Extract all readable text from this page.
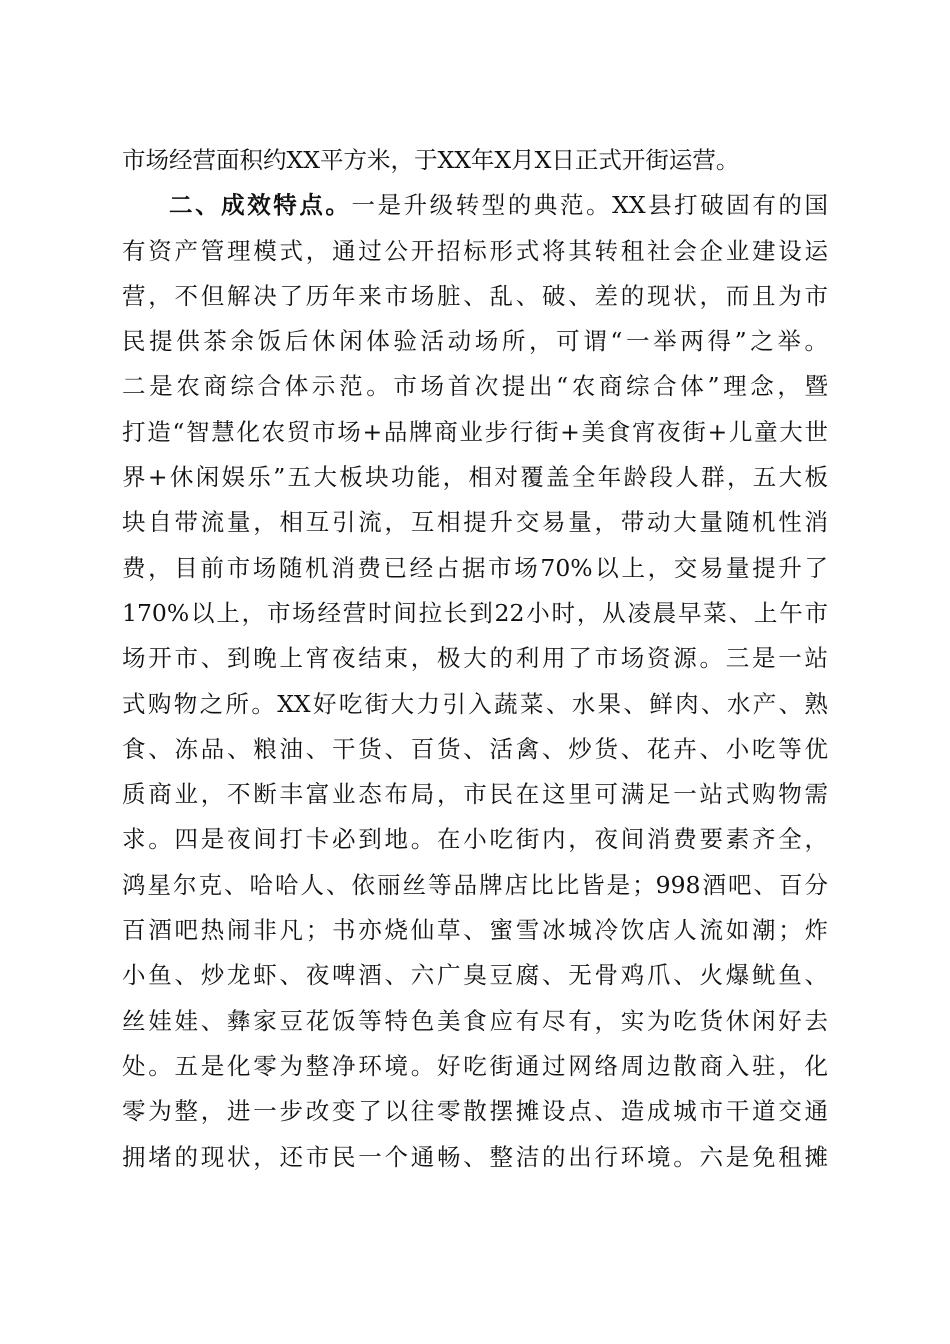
市场经营面积约XX平方米，于XX年X月X日正式开街运营。
二、成效特点。一是升级转型的典范。XX县打破固有的国
有资产管理模式，通过公开招标形式将其转租社会企业建设运
营，不但解决了历年来市场脏、乱、破、差的现状，而且为市
民提供茶余饭后休闲体验活动场所，可谓“一举两得”之举。
二是农商综合体示范。市场首次提出“农商综合体”理念，暨
打造“智慧化农贸市场+品牌商业步行街+美食宵夜街+儿童大世
界+休闲娱乐”五大板块功能，相对覆盖全年龄段人群，五大板
块自带流量，相互引流，互相提升交易量，带动大量随机性消
费，目前市场随机消费已经占据市场70%以上，交易量提升了
170%以上，市场经营时间拉长到22小时，从凌晨早菜、上午市
场开市、到晚上宵夜结束，极大的利用了市场资源。三是一站
式购物之所。XX好吃街大力引入蔬菜、水果、鲜肉、水产、熟
食、冻品、粮油、干货、百货、活禽、炒货、花卉、小吃等优
质商业，不断丰富业态布局，市民在这里可满足一站式购物需
求。四是夜间打卡必到地。在小吃街内，夜间消费要素齐全，
鸿星尔克、哈哈人、依丽丝等品牌店比比皆是；998酒吧、百分
百酒吧热闹非凡；书亦烧仙草、蜜雪冰城冷饮店人流如潮；炸
小鱼、炒龙虾、夜啤酒、六广臭豆腐、无骨鸡爪、火爆鱿鱼、
丝娃娃、彝家豆花饭等特色美食应有尽有，实为吃货休闲好去
处。五是化零为整净环境。好吃街通过网络周边散商入驻，化
零为整，进一步改变了以往零散摆摊设点、造成城市干道交通
拥堵的现状，还市民一个通畅、整洁的出行环境。六是免租摊
